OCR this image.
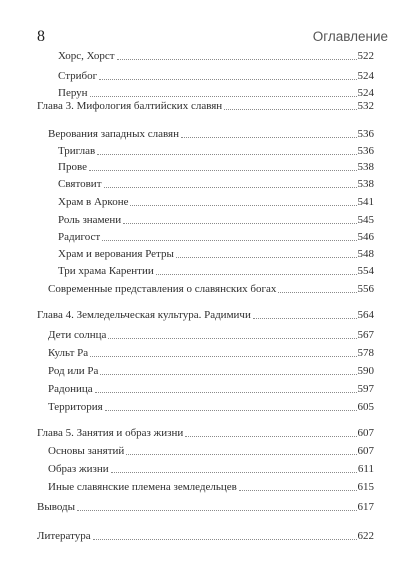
8	Оглавление
Хорс, Хорст	522
Стрибог	524
Перун	524
Глава 3. Мифология балтийских славян	532
Верования западных славян	536
Триглав	536
Прове	538
Святовит	538
Храм в Арконе	541
Роль знамени	545
Радигост	546
Храм и верования Ретры	548
Три храма Карентии	554
Современные представления о славянских богах	556
Глава 4. Земледельческая культура. Радимичи	564
Дети солнца	567
Культ Ра	578
Род или Ра	590
Радоница	597
Территория	605
Глава 5. Занятия и образ жизни	607
Основы занятий	607
Образ жизни	611
Иные славянские племена земледельцев	615
Выводы	617
Литература	622
